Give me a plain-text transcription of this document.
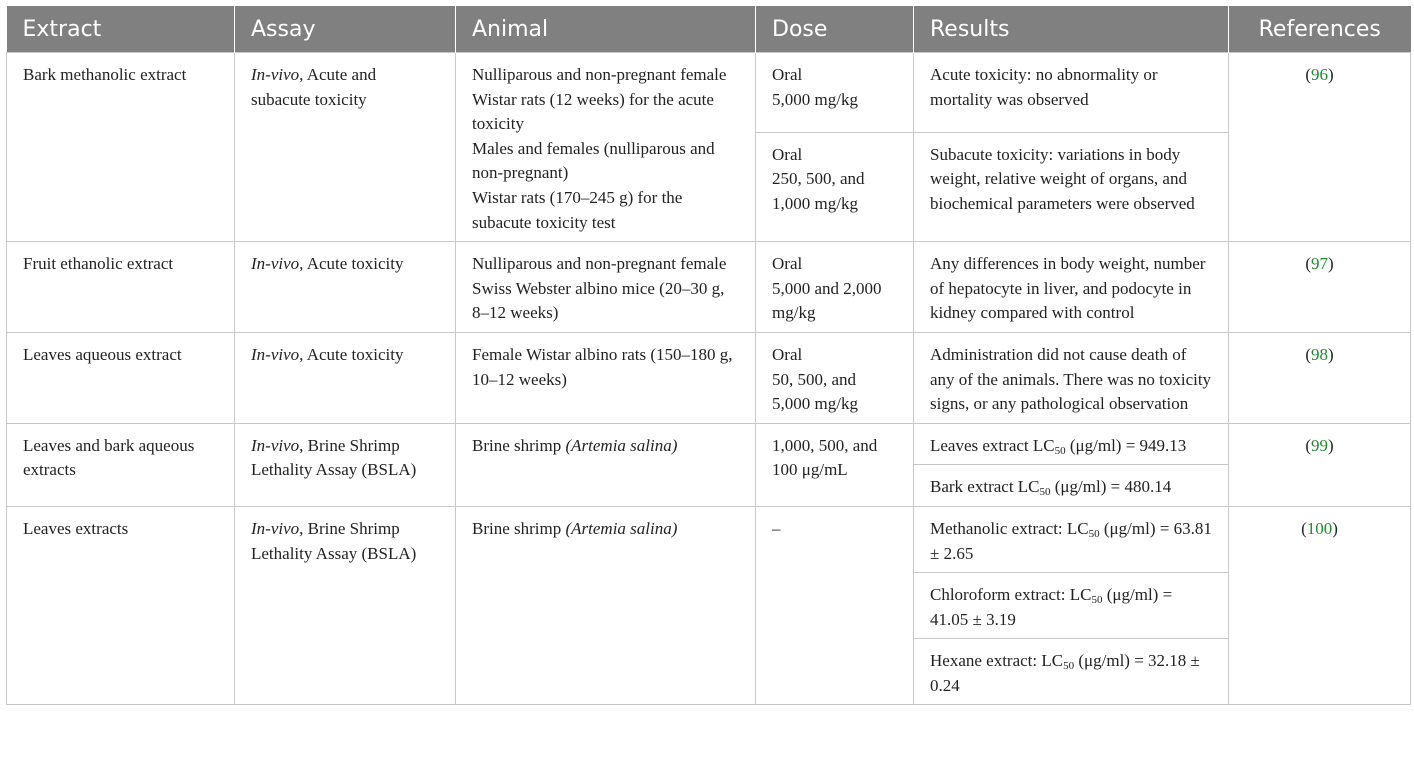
Extract	Assay	Animal	Dose	Results	References
Bark methanolic extract	In-vivo, Acute and subacute toxicity	Nulliparous and non-pregnant female Wistar rats (12 weeks) for the acute toxicity
Males and females (nulliparous and non-pregnant)
Wistar rats (170–245 g) for the subacute toxicity test	Oral
5,000 mg/kg	Acute toxicity: no abnormality or mortality was observed	(96)

			Oral
250, 500, and 1,000 mg/kg	Subacute toxicity: variations in body weight, relative weight of organs, and biochemical parameters were observed	
Fruit ethanolic extract	In-vivo, Acute toxicity	Nulliparous and non-pregnant female Swiss Webster albino mice (20–30 g, 8–12 weeks)	Oral
5,000 and 2,000 mg/kg	Any differences in body weight, number of hepatocyte in liver, and podocyte in kidney compared with control	(97)
Leaves aqueous extract	In-vivo, Acute toxicity	Female Wistar albino rats (150–180 g, 10–12 weeks)	Oral
50, 500, and 5,000 mg/kg	Administration did not cause death of any of the animals. There was no toxicity signs, or any pathological observation	(98)
Leaves and bark aqueous extracts	In-vivo, Brine Shrimp Lethality Assay (BSLA)	Brine shrimp (Artemia salina)	1,000, 500, and 100 μg/mL	Leaves extract $LC_{50}$ (μg/ml) = 949.13	(99)
				Bark extract $LC_{50}$ (μg/ml) = 480.14	
Leaves extracts	In-vivo, Brine Shrimp Lethality Assay (BSLA)	Brine shrimp (Artemia salina)	–	Methanolic extract: $LC_{50}$ (μg/ml) = 63.81 ± 2.65	(100)
				Chloroform extract: $LC_{50}$ (μg/ml) = 41.05 ± 3.19	
				Hexane extract: $LC_{50}$ (μg/ml) = 32.18 ± 0.24	
